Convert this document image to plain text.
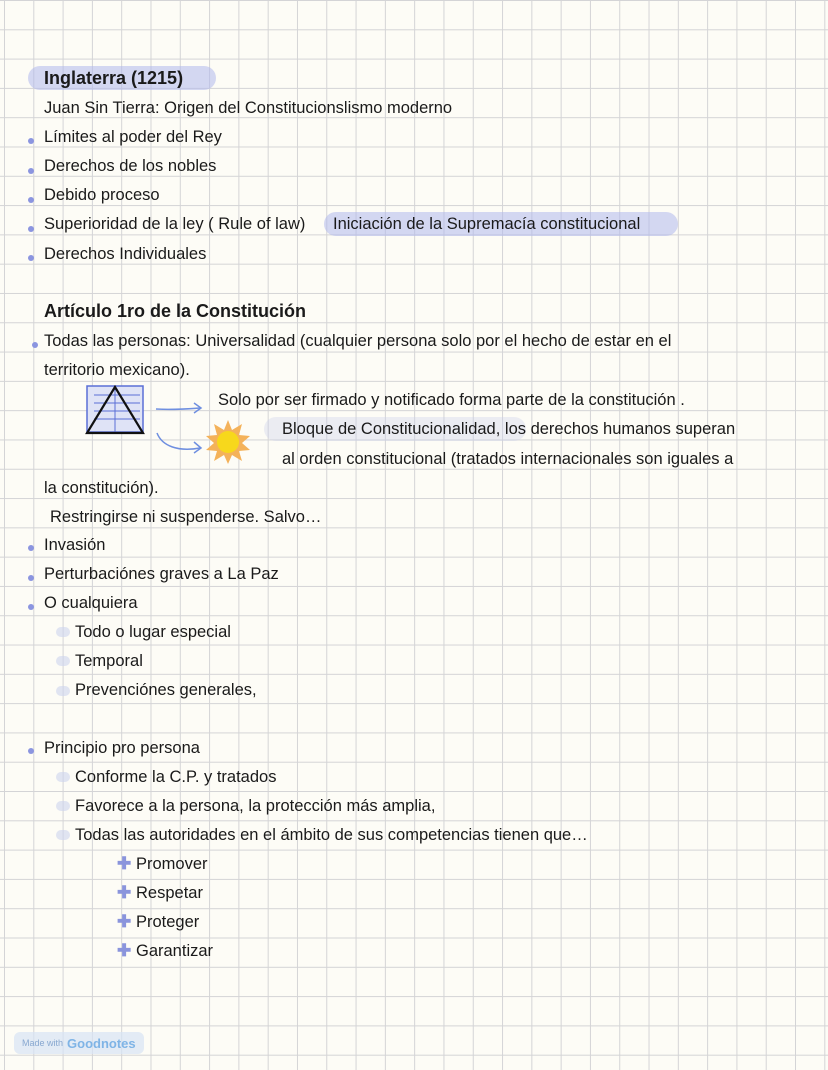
Inglaterra (1215)
Juan Sin Tierra: Origen del Constitucionslismo moderno
Límites al poder del Rey
Derechos de los nobles
Debido proceso
Superioridad de la ley ( Rule of law) Iniciación de la Supremacía constitucional
Derechos Individuales
Artículo 1ro de la Constitución
Todas las personas: Universalidad (cualquier persona solo por el hecho de estar en el
territorio mexicano).
Solo por ser firmado y notificado forma parte de la constitución .
Bloque de Constitucionalidad, los derechos humanos superan
al orden constitucional (tratados internacionales son iguales a
la constitución).
Restringirse ni suspenderse. Salvo…
Invasión
Perturbaciónes graves a La Paz
O cualquiera
Todo o lugar especial
Temporal
Prevenciónes generales,
Principio pro persona
Conforme la C.P. y tratados
Favorece a la persona, la protección más amplia,
Todas las autoridades en el ámbito de sus competencias tienen que…
✚ Promover
✚ Respetar
✚ Proteger
✚ Garantizar
Made with Goodnotes
